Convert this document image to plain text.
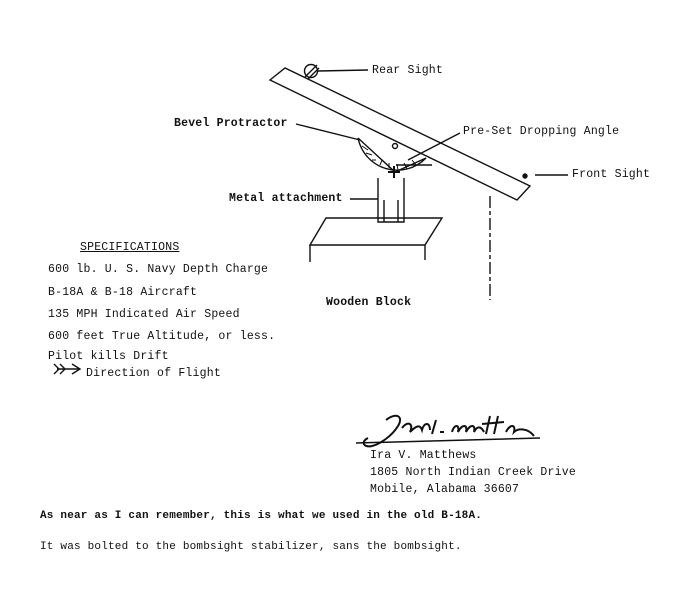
Rear Sight
Bevel Protractor
Pre-Set Dropping Angle
Front Sight
Metal attachment
Wooden Block
SPECIFICATIONS
600 lb. U. S. Navy Depth Charge
B-18A & B-18 Aircraft
135 MPH Indicated Air Speed
600 feet True Altitude, or less.
Pilot kills Drift
Direction of Flight
Ira V. Matthews
1805 North Indian Creek Drive
Mobile, Alabama 36607
As near as I can remember, this is what we used in the old B-18A.
It was bolted to the bombsight stabilizer, sans the bombsight.
